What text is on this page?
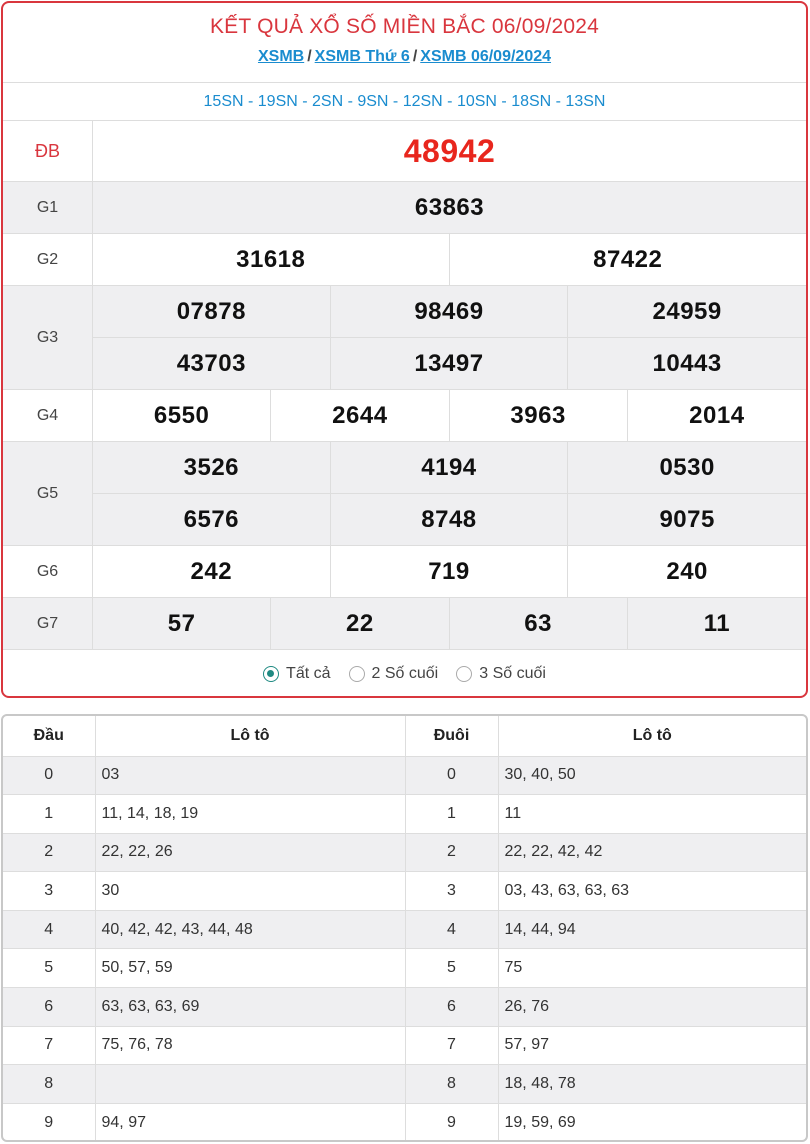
KẾT QUẢ XỔ SỐ MIỀN BẮC 06/09/2024
XSMB / XSMB Thứ 6 / XSMB 06/09/2024
15SN - 19SN - 2SN - 9SN - 12SN - 10SN - 18SN - 13SN
ĐB	48942
G1	63863
G2	31618	87422
G3
07878	98469	24959
43703	13497	10443
G4	6550	2644	3963	2014
G5
3526	4194	0530
6576	8748	9075
G6	242	719	240
G7	57	22	63	11
Tất cả	2 Số cuối	3 Số cuối
Đầu	Lô tô	Đuôi	Lô tô
0	03	0	30, 40, 50
1	11, 14, 18, 19	1	11
2	22, 22, 26	2	22, 22, 42, 42
3	30	3	03, 43, 63, 63, 63
4	40, 42, 42, 43, 44, 48	4	14, 44, 94
5	50, 57, 59	5	75
6	63, 63, 63, 69	6	26, 76
7	75, 76, 78	7	57, 97
8		8	18, 48, 78
9	94, 97	9	19, 59, 69
